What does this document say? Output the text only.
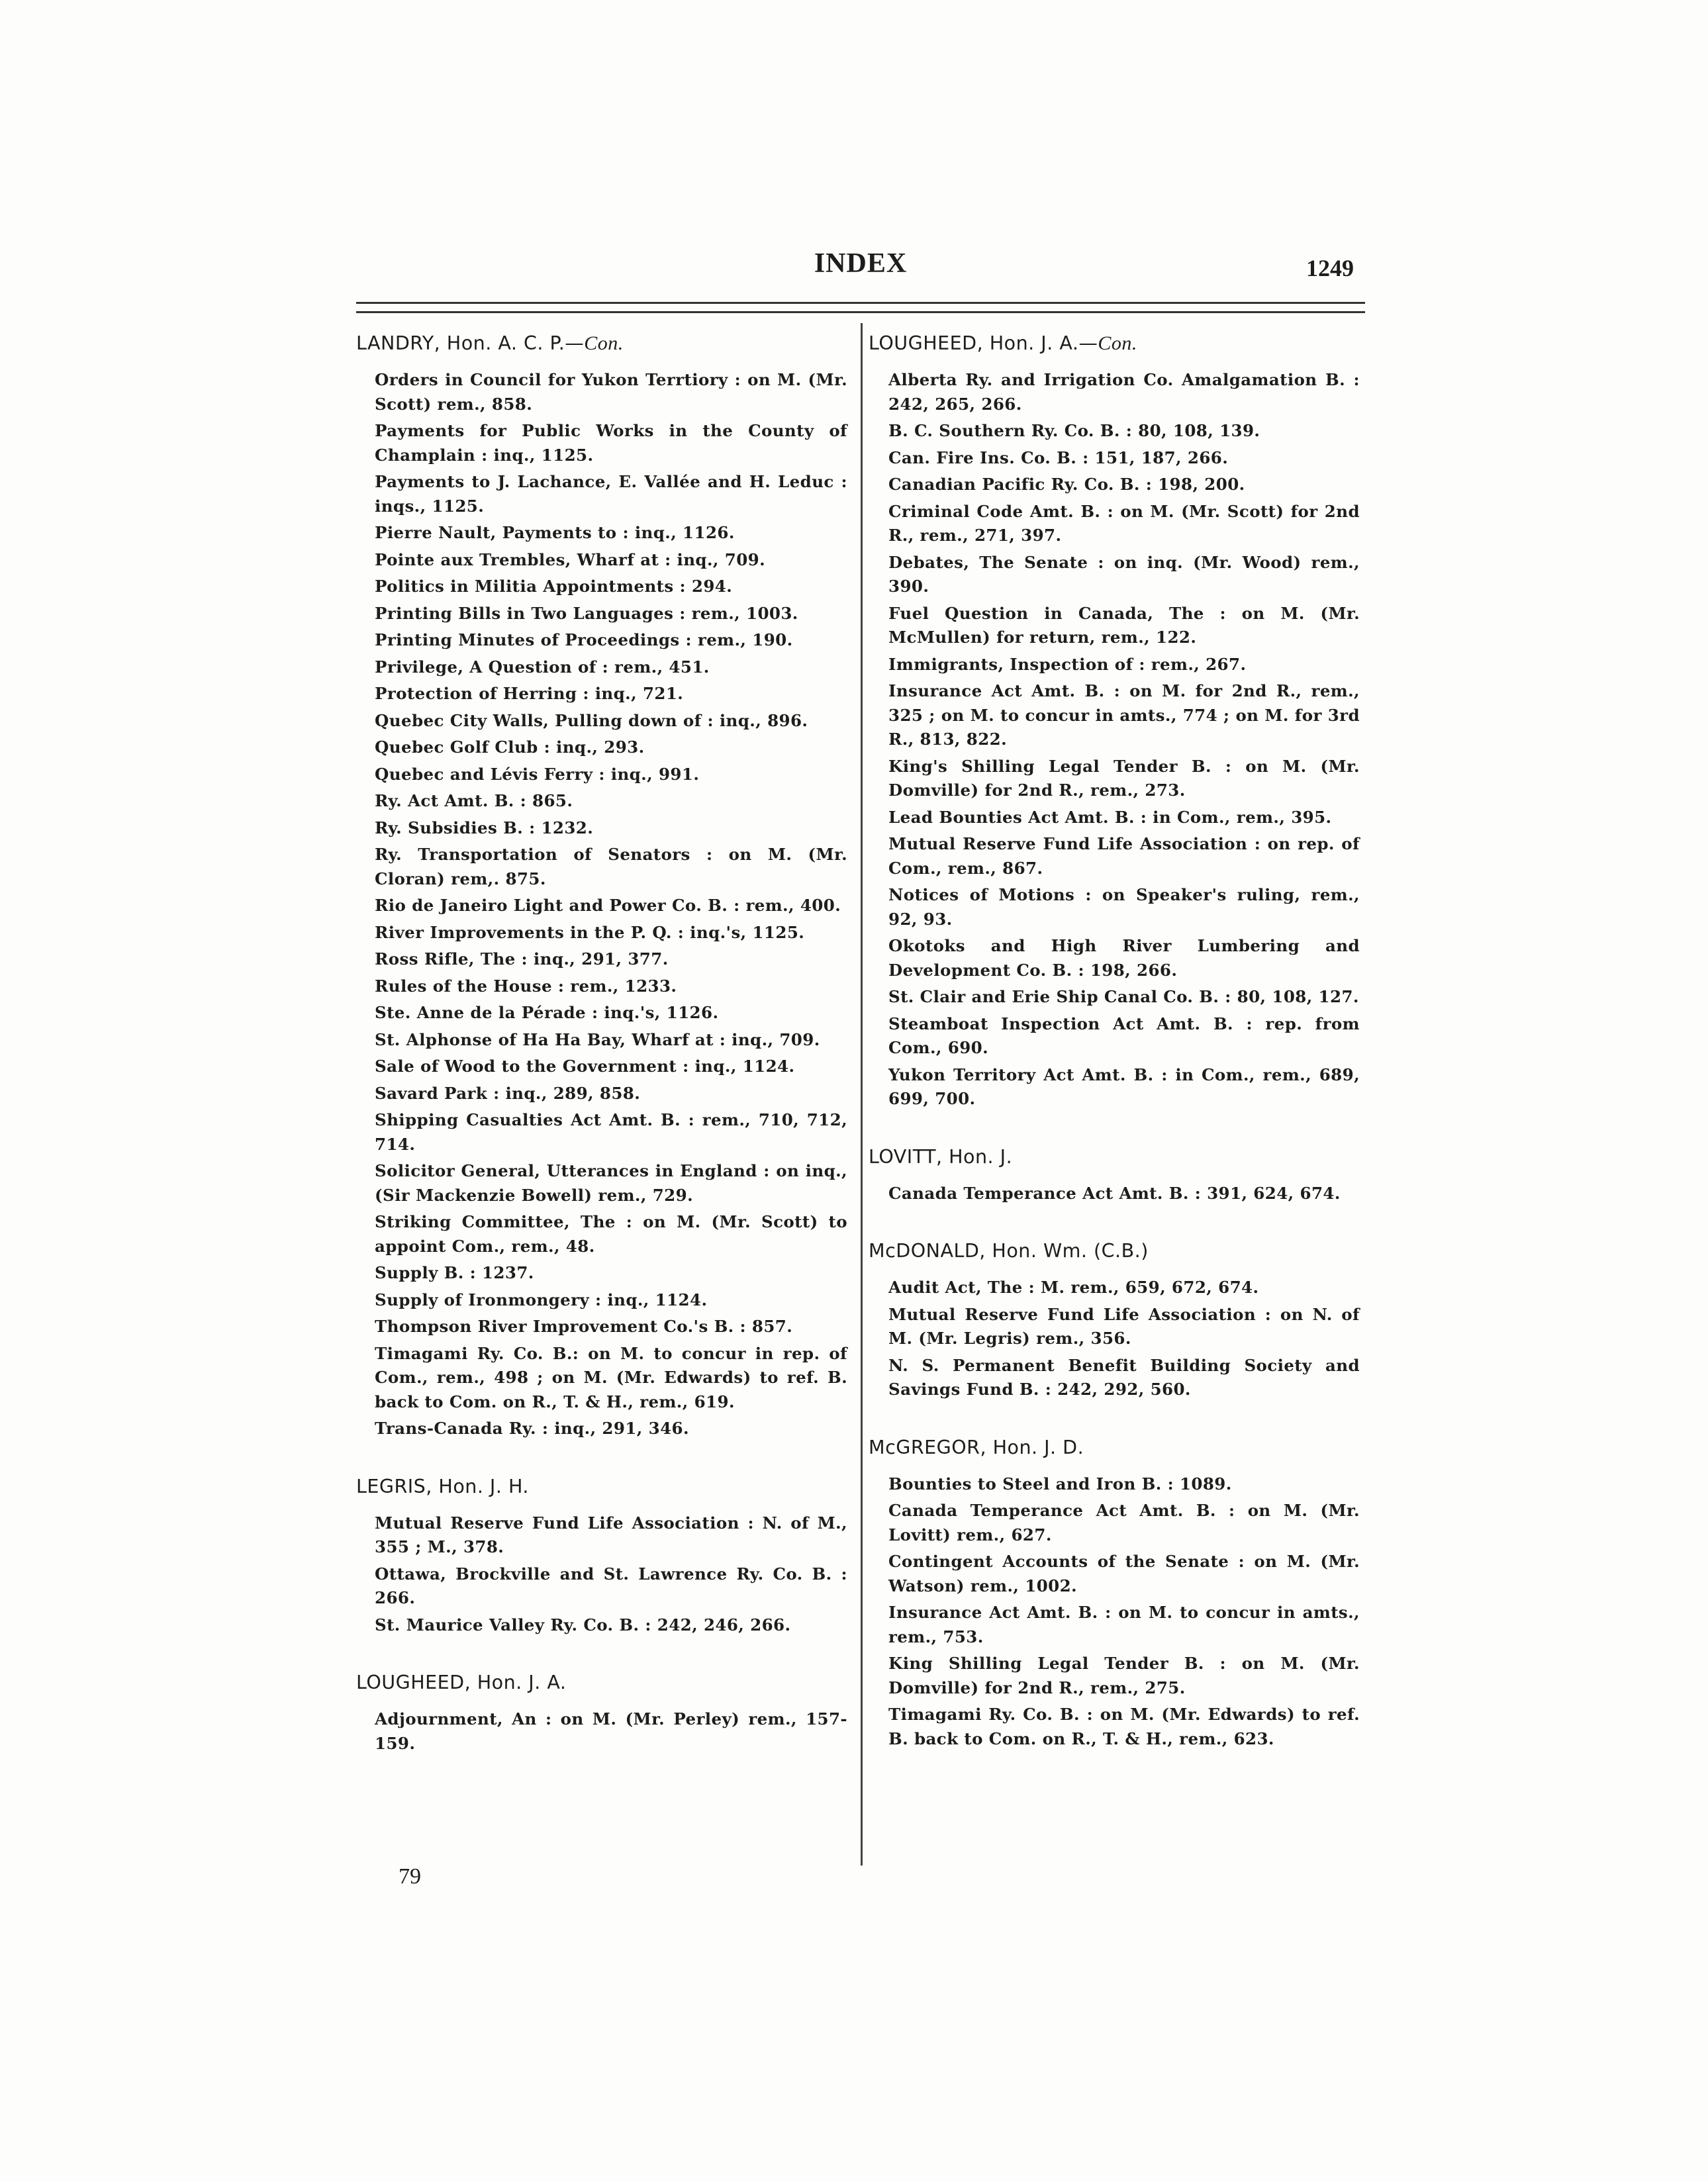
INDEX	1249
LANDRY, Hon. A. C. P.—Con.
Orders in Council for Yukon Terrtiory : on M. (Mr. Scott) rem., 858.
Payments for Public Works in the County of Champlain : inq., 1125.
Payments to J. Lachance, E. Vallée and H. Leduc : inqs., 1125.
Pierre Nault, Payments to : inq., 1126.
Pointe aux Trembles, Wharf at : inq., 709.
Politics in Militia Appointments : 294.
Printing Bills in Two Languages : rem., 1003.
Printing Minutes of Proceedings : rem., 190.
Privilege, A Question of : rem., 451.
Protection of Herring : inq., 721.
Quebec City Walls, Pulling down of : inq., 896.
Quebec Golf Club : inq., 293.
Quebec and Lévis Ferry : inq., 991.
Ry. Act Amt. B. : 865.
Ry. Subsidies B. : 1232.
Ry. Transportation of Senators : on M. (Mr. Cloran) rem,. 875.
Rio de Janeiro Light and Power Co. B. : rem., 400.
River Improvements in the P. Q. : inq.'s, 1125.
Ross Rifle, The : inq., 291, 377.
Rules of the House : rem., 1233.
Ste. Anne de la Pérade : inq.'s, 1126.
St. Alphonse of Ha Ha Bay, Wharf at : inq., 709.
Sale of Wood to the Government : inq., 1124.
Savard Park : inq., 289, 858.
Shipping Casualties Act Amt. B. : rem., 710, 712, 714.
Solicitor General, Utterances in England : on inq., (Sir Mackenzie Bowell) rem., 729.
Striking Committee, The : on M. (Mr. Scott) to appoint Com., rem., 48.
Supply B. : 1237.
Supply of Ironmongery : inq., 1124.
Thompson River Improvement Co.'s B. : 857.
Timagami Ry. Co. B.: on M. to concur in rep. of Com., rem., 498 ; on M. (Mr. Edwards) to ref. B. back to Com. on R., T. & H., rem., 619.
Trans-Canada Ry. : inq., 291, 346.
LEGRIS, Hon. J. H.
Mutual Reserve Fund Life Association : N. of M., 355 ; M., 378.
Ottawa, Brockville and St. Lawrence Ry. Co. B. : 266.
St. Maurice Valley Ry. Co. B. : 242, 246, 266.
LOUGHEED, Hon. J. A.
Adjournment, An : on M. (Mr. Perley) rem., 157-159.
LOUGHEED, Hon. J. A.—Con.
Alberta Ry. and Irrigation Co. Amalgamation B. : 242, 265, 266.
B. C. Southern Ry. Co. B. : 80, 108, 139.
Can. Fire Ins. Co. B. : 151, 187, 266.
Canadian Pacific Ry. Co. B. : 198, 200.
Criminal Code Amt. B. : on M. (Mr. Scott) for 2nd R., rem., 271, 397.
Debates, The Senate : on inq. (Mr. Wood) rem., 390.
Fuel Question in Canada, The : on M. (Mr. McMullen) for return, rem., 122.
Immigrants, Inspection of : rem., 267.
Insurance Act Amt. B. : on M. for 2nd R., rem., 325 ; on M. to concur in amts., 774 ; on M. for 3rd R., 813, 822.
King's Shilling Legal Tender B. : on M. (Mr. Domville) for 2nd R., rem., 273.
Lead Bounties Act Amt. B. : in Com., rem., 395.
Mutual Reserve Fund Life Association : on rep. of Com., rem., 867.
Notices of Motions : on Speaker's ruling, rem., 92, 93.
Okotoks and High River Lumbering and Development Co. B. : 198, 266.
St. Clair and Erie Ship Canal Co. B. : 80, 108, 127.
Steamboat Inspection Act Amt. B. : rep. from Com., 690.
Yukon Territory Act Amt. B. : in Com., rem., 689, 699, 700.
LOVITT, Hon. J.
Canada Temperance Act Amt. B. : 391, 624, 674.
McDONALD, Hon. Wm. (C.B.)
Audit Act, The : M. rem., 659, 672, 674.
Mutual Reserve Fund Life Association : on N. of M. (Mr. Legris) rem., 356.
N. S. Permanent Benefit Building Society and Savings Fund B. : 242, 292, 560.
McGREGOR, Hon. J. D.
Bounties to Steel and Iron B. : 1089.
Canada Temperance Act Amt. B. : on M. (Mr. Lovitt) rem., 627.
Contingent Accounts of the Senate : on M. (Mr. Watson) rem., 1002.
Insurance Act Amt. B. : on M. to concur in amts., rem., 753.
King Shilling Legal Tender B. : on M. (Mr. Domville) for 2nd R., rem., 275.
Timagami Ry. Co. B. : on M. (Mr. Edwards) to ref. B. back to Com. on R., T. & H., rem., 623.
79
